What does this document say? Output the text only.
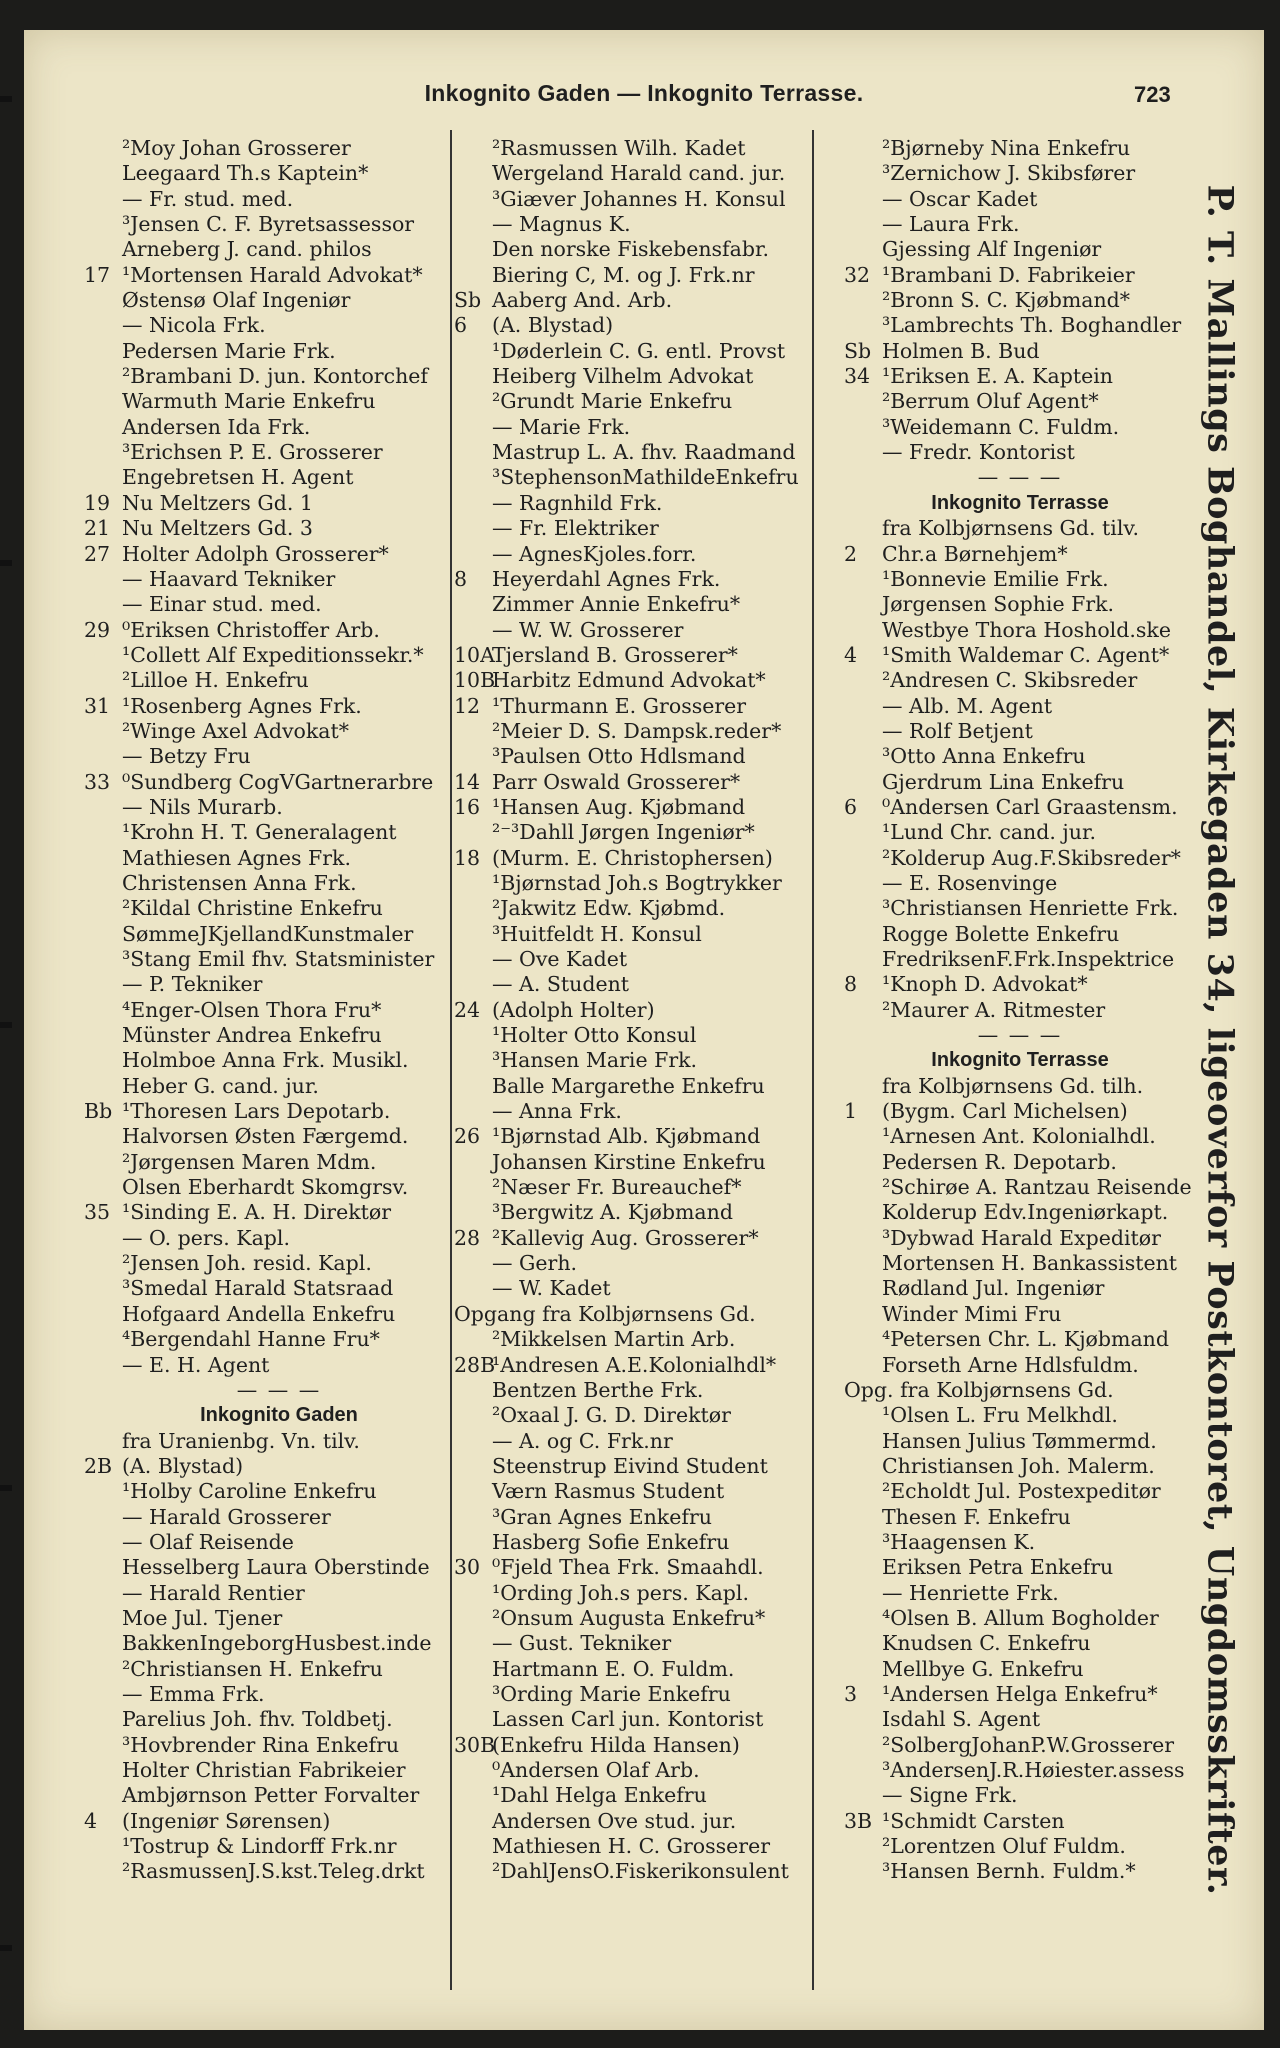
Inkognito Gaden — Inkognito Terrasse.	723
²Moy Johan Grosserer
Leegaard Th.s Kaptein*
— Fr. stud. med.
³Jensen C. F. Byretsassessor
Arneberg J. cand. philos
17 ¹Mortensen Harald Advokat*
Østensø Olaf Ingeniør
— Nicola Frk.
Pedersen Marie Frk.
²Brambani D. jun. Kontorchef
Warmuth Marie Enkefru
Andersen Ida Frk.
³Erichsen P. E. Grosserer
Engebretsen H. Agent
19 Nu Meltzers Gd. 1
21 Nu Meltzers Gd. 3
27 Holter Adolph Grosserer*
— Haavard Tekniker
— Einar stud. med.
29 ⁰Eriksen Christoffer Arb.
¹Collett Alf Expeditionssekr.*
²Lilloe H. Enkefru
31 ¹Rosenberg Agnes Frk.
²Winge Axel Advokat*
— Betzy Fru
33 ⁰Sundberg CogVGartnerarbre
— Nils Murarb.
¹Krohn H. T. Generalagent
Mathiesen Agnes Frk.
Christensen Anna Frk.
²Kildal Christine Enkefru
SømmeJKjellandKunstmaler
³Stang Emil fhv. Statsminister
— P. Tekniker
⁴Enger-Olsen Thora Fru*
Münster Andrea Enkefru
Holmboe Anna Frk. Musikl.
Heber G. cand. jur.
Bb ¹Thoresen Lars Depotarb.
Halvorsen Østen Færgemd.
²Jørgensen Maren Mdm.
Olsen Eberhardt Skomgrsv.
35 ¹Sinding E. A. H. Direktør
— O. pers. Kapl.
²Jensen Joh. resid. Kapl.
³Smedal Harald Statsraad
Hofgaard Andella Enkefru
⁴Bergendahl Hanne Fru*
— E. H. Agent
— — —
Inkognito Gaden
fra Uranienbg. Vn. tilv.
2B (A. Blystad)
¹Holby Caroline Enkefru
— Harald Grosserer
— Olaf Reisende
Hesselberg Laura Oberstinde
— Harald Rentier
Moe Jul. Tjener
BakkenIngeborgHusbest.inde
²Christiansen H. Enkefru
— Emma Frk.
Parelius Joh. fhv. Toldbetj.
³Hovbrender Rina Enkefru
Holter Christian Fabrikeier
Ambjørnson Petter Forvalter
4 (Ingeniør Sørensen)
¹Tostrup & Lindorff Frk.nr
²RasmussenJ.S.kst.Teleg.drkt
²Rasmussen Wilh. Kadet
Wergeland Harald cand. jur.
³Giæver Johannes H. Konsul
— Magnus K.
Den norske Fiskebensfabr.
Biering C, M. og J. Frk.nr
Sb Aaberg And. Arb.
6 (A. Blystad)
¹Døderlein C. G. entl. Provst
Heiberg Vilhelm Advokat
²Grundt Marie Enkefru
— Marie Frk.
Mastrup L. A. fhv. Raadmand
³StephensonMathildeEnkefru
— Ragnhild Frk.
— Fr. Elektriker
— AgnesKjoles.forr.
8 Heyerdahl Agnes Frk.
Zimmer Annie Enkefru*
— W. W. Grosserer
10ATjersland B. Grosserer*
10BHarbitz Edmund Advokat*
12 ¹Thurmann E. Grosserer
²Meier D. S. Dampsk.reder*
³Paulsen Otto Hdlsmand
14 Parr Oswald Grosserer*
16 ¹Hansen Aug. Kjøbmand
²⁻³Dahll Jørgen Ingeniør*
18 (Murm. E. Christophersen)
¹Bjørnstad Joh.s Bogtrykker
²Jakwitz Edw. Kjøbmd.
³Huitfeldt H. Konsul
— Ove Kadet
— A. Student
24 (Adolph Holter)
¹Holter Otto Konsul
³Hansen Marie Frk.
Balle Margarethe Enkefru
— Anna Frk.
26 ¹Bjørnstad Alb. Kjøbmand
Johansen Kirstine Enkefru
²Næser Fr. Bureauchef*
³Bergwitz A. Kjøbmand
28 ²Kallevig Aug. Grosserer*
— Gerh.
— W. Kadet
Opgang fra Kolbjørnsens Gd.
²Mikkelsen Martin Arb.
28B¹Andresen A.E.Kolonialhdl*
Bentzen Berthe Frk.
²Oxaal J. G. D. Direktør
— A. og C. Frk.nr
Steenstrup Eivind Student
Værn Rasmus Student
³Gran Agnes Enkefru
Hasberg Sofie Enkefru
30 ⁰Fjeld Thea Frk. Smaahdl.
¹Ording Joh.s pers. Kapl.
²Onsum Augusta Enkefru*
— Gust. Tekniker
Hartmann E. O. Fuldm.
³Ording Marie Enkefru
Lassen Carl jun. Kontorist
30B(Enkefru Hilda Hansen)
⁰Andersen Olaf Arb.
¹Dahl Helga Enkefru
Andersen Ove stud. jur.
Mathiesen H. C. Grosserer
²DahlJensO.Fiskerikonsulent
²Bjørneby Nina Enkefru
³Zernichow J. Skibsfører
— Oscar Kadet
— Laura Frk.
Gjessing Alf Ingeniør
32 ¹Brambani D. Fabrikeier
²Bronn S. C. Kjøbmand*
³Lambrechts Th. Boghandler
Sb Holmen B. Bud
34 ¹Eriksen E. A. Kaptein
²Berrum Oluf Agent*
³Weidemann C. Fuldm.
— Fredr. Kontorist
— — —
Inkognito Terrasse
fra Kolbjørnsens Gd. tilv.
2 Chr.a Børnehjem*
¹Bonnevie Emilie Frk.
Jørgensen Sophie Frk.
Westbye Thora Hoshold.ske
4 ¹Smith Waldemar C. Agent*
²Andresen C. Skibsreder
— Alb. M. Agent
— Rolf Betjent
³Otto Anna Enkefru
Gjerdrum Lina Enkefru
6 ⁰Andersen Carl Graastensm.
¹Lund Chr. cand. jur.
²Kolderup Aug.F.Skibsreder*
— E. Rosenvinge
³Christiansen Henriette Frk.
Rogge Bolette Enkefru
FredriksenF.Frk.Inspektrice
8 ¹Knoph D. Advokat*
²Maurer A. Ritmester
— — —
Inkognito Terrasse
fra Kolbjørnsens Gd. tilh.
1 (Bygm. Carl Michelsen)
¹Arnesen Ant. Kolonialhdl.
Pedersen R. Depotarb.
²Schirøe A. Rantzau Reisende
Kolderup Edv.Ingeniørkapt.
³Dybwad Harald Expeditør
Mortensen H. Bankassistent
Rødland Jul. Ingeniør
Winder Mimi Fru
⁴Petersen Chr. L. Kjøbmand
Forseth Arne Hdlsfuldm.
Opg. fra Kolbjørnsens Gd.
¹Olsen L. Fru Melkhdl.
Hansen Julius Tømmermd.
Christiansen Joh. Malerm.
²Echoldt Jul. Postexpeditør
Thesen F. Enkefru
³Haagensen K.
Eriksen Petra Enkefru
— Henriette Frk.
⁴Olsen B. Allum Bogholder
Knudsen C. Enkefru
Mellbye G. Enkefru
3 ¹Andersen Helga Enkefru*
Isdahl S. Agent
²SolbergJohanP.W.Grosserer
³AndersenJ.R.Høiester.assess
— Signe Frk.
3B ¹Schmidt Carsten
²Lorentzen Oluf Fuldm.
³Hansen Bernh. Fuldm.*	P. T. Mallings Boghandel, Kirkegaden 34, ligeoverfor Postkontoret, Ungdomsskrifter.
